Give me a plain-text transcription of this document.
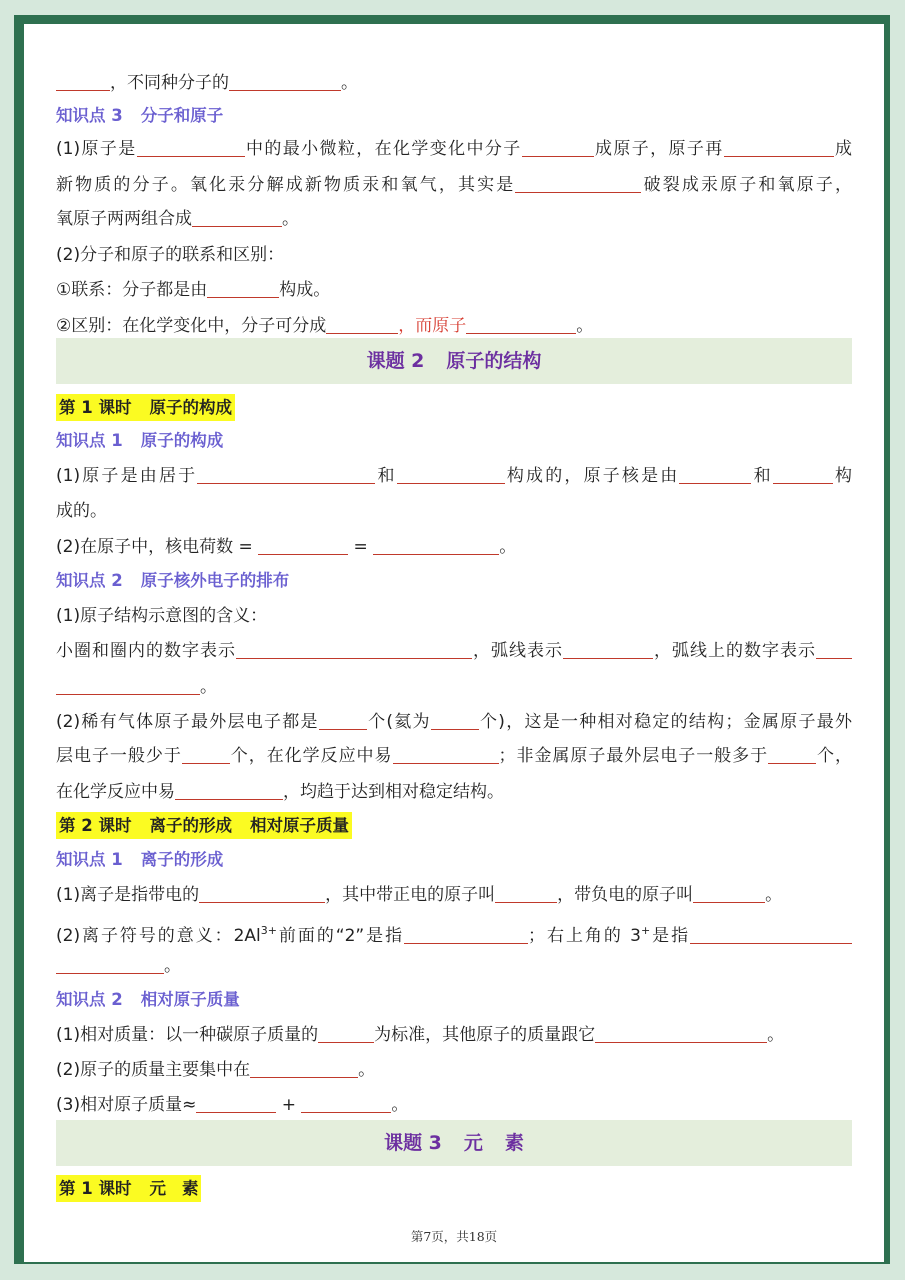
，不同种分子的	。
知识点 3 分子和原子
(1)原子是	中的最小微粒，在化学变化中分子	成原子，原子再	成
新物质的分子。氧化汞分解成新物质汞和氧气，其实是	破裂成汞原子和氧原子，
氧原子两两组合成	。
(2)分子和原子的联系和区别：
①联系：分子都是由	构成。
②区别：在化学变化中，分子可分成	，而原子	。
课题 2 原子的结构
第 1 课时 原子的构成
知识点 1 原子的构成
(1)原子是由居于	和	构成的，原子核是由	和	构
成的。
(2)在原子中，核电荷数 =	=	。
知识点 2 原子核外电子的排布
(1)原子结构示意图的含义：
小圈和圈内的数字表示	，弧线表示	，弧线上的数字表示
。
(2)稀有气体原子最外层电子都是	个(氦为	个)，这是一种相对稳定的结构；金属原子最外
层电子一般少于	个，在化学反应中易	；非金属原子最外层电子一般多于	个，
在化学反应中易	，均趋于达到相对稳定结构。
第 2 课时 离子的形成 相对原子质量
知识点 1 离子的形成
(1)离子是指带电的	，其中带正电的原子叫	，带负电的原子叫	。
(2)离子符号的意义：$2Al^{3+}$前面的“2”是指	；右上角的 3+是指
。
知识点 2 相对原子质量
(1)相对质量：以一种碳原子质量的	为标准，其他原子的质量跟它	。
(2)原子的质量主要集中在	。
(3)相对原子质量≈	+	。
课题 3 元 素
第 1 课时 元 素
第7页，共18页
